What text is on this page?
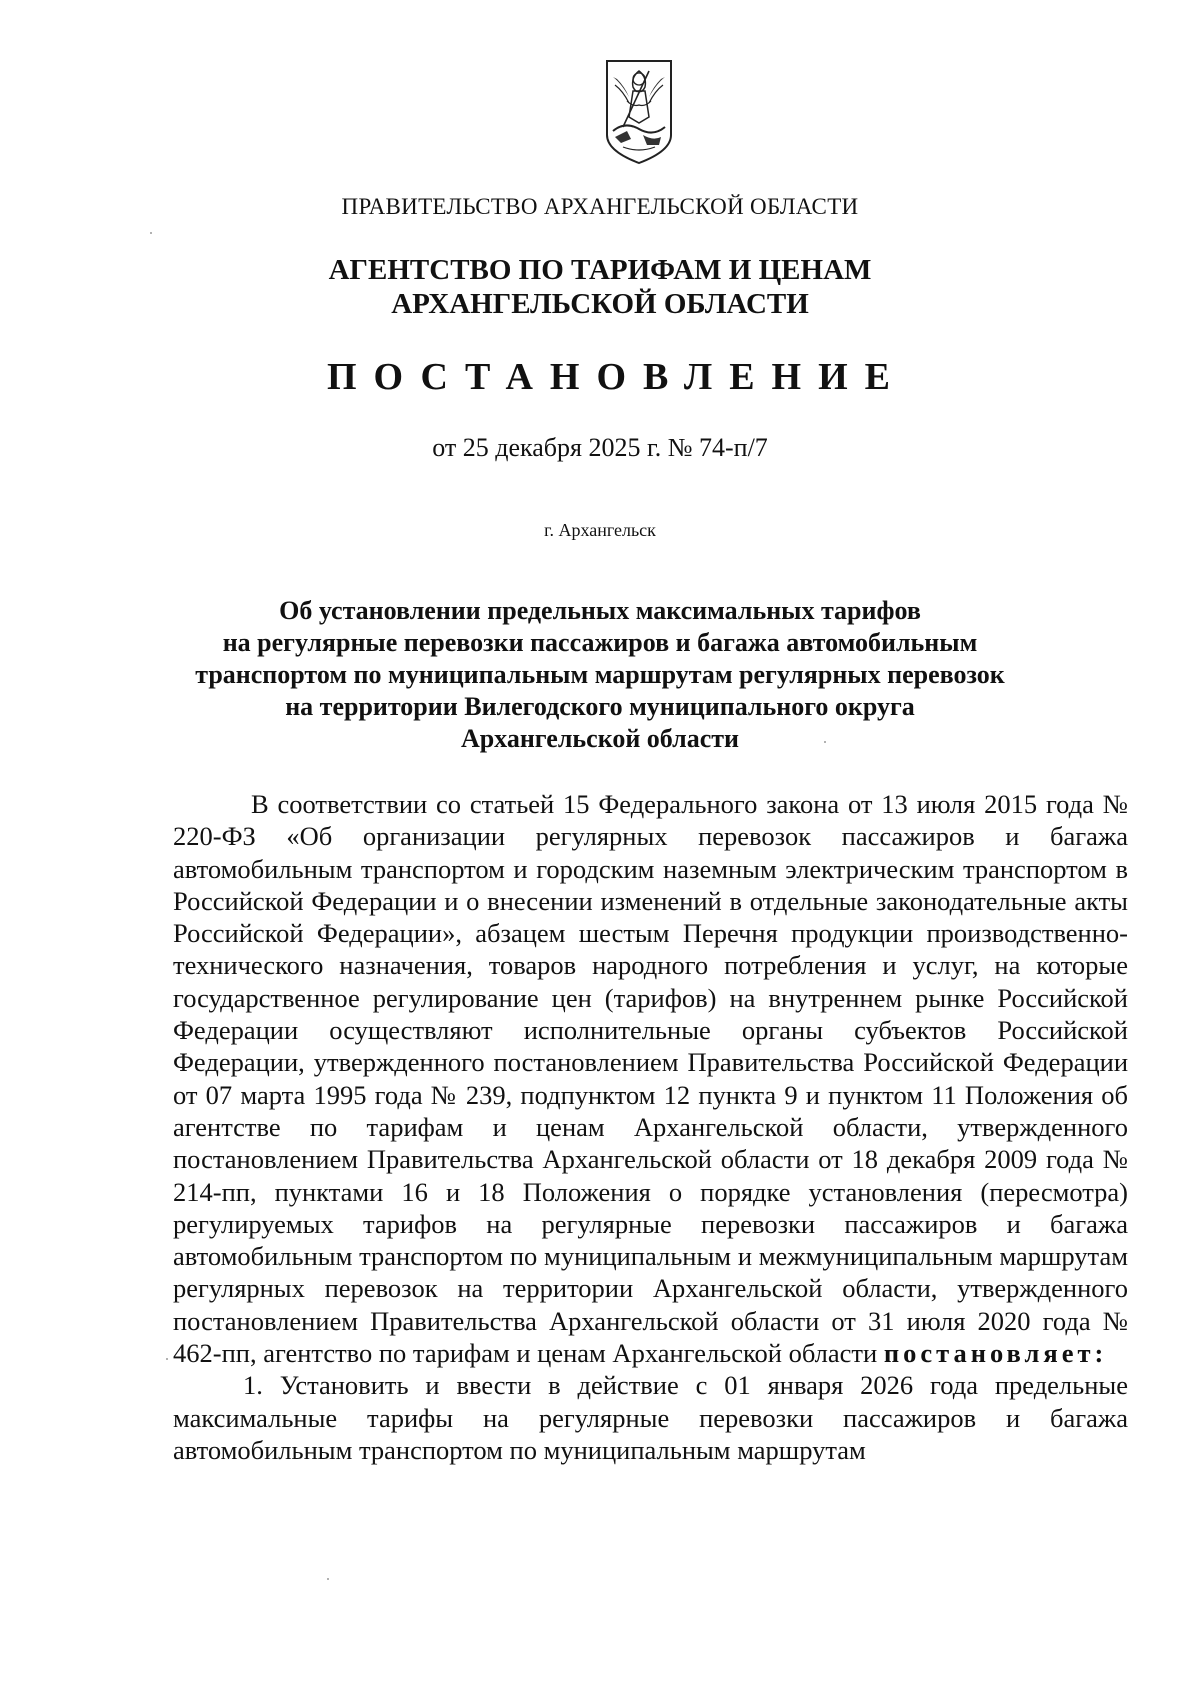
ПРАВИТЕЛЬСТВО АРХАНГЕЛЬСКОЙ ОБЛАСТИ
АГЕНТСТВО ПО ТАРИФАМ И ЦЕНАМ
АРХАНГЕЛЬСКОЙ ОБЛАСТИ
ПОСТАНОВЛЕНИЕ
от 25 декабря 2025 г. № 74-п/7
г. Архангельск
Об установлении предельных максимальных тарифов
на регулярные перевозки пассажиров и багажа автомобильным
транспортом по муниципальным маршрутам регулярных перевозок
на территории Вилегодского муниципального округа
Архангельской области

В соответствии со статьей 15 Федерального закона от 13 июля 2015 года № 220-ФЗ «Об организации регулярных перевозок пассажиров и багажа автомобильным транспортом и городским наземным электрическим транспортом в Российской Федерации и о внесении изменений в отдельные законодательные акты Российской Федерации», абзацем шестым Перечня продукции производственно-технического назначения, товаров народного потребления и услуг, на которые государственное регулирование цен (тарифов) на внутреннем рынке Российской Федерации осуществляют исполнительные органы субъектов Российской Федерации, утвержденного постановлением Правительства Российской Федерации от 07 марта 1995 года № 239, подпунктом 12 пункта 9 и пунктом 11 Положения об агентстве по тарифам и ценам Архангельской области, утвержденного постановлением Правительства Архангельской области от 18 декабря 2009 года № 214-пп, пунктами 16 и 18 Положения о порядке установления (пересмотра) регулируемых тарифов на регулярные перевозки пассажиров и багажа автомобильным транспортом по муниципальным и межмуниципальным маршрутам регулярных перевозок на территории Архангельской области, утвержденного постановлением Правительства Архангельской области от 31 июля 2020 года № 462-пп, агентство по тарифам и ценам Архангельской области постановляет:

1. Установить и ввести в действие с 01 января 2026 года предельные максимальные тарифы на регулярные перевозки пассажиров и багажа автомобильным транспортом по муниципальным маршрутам
